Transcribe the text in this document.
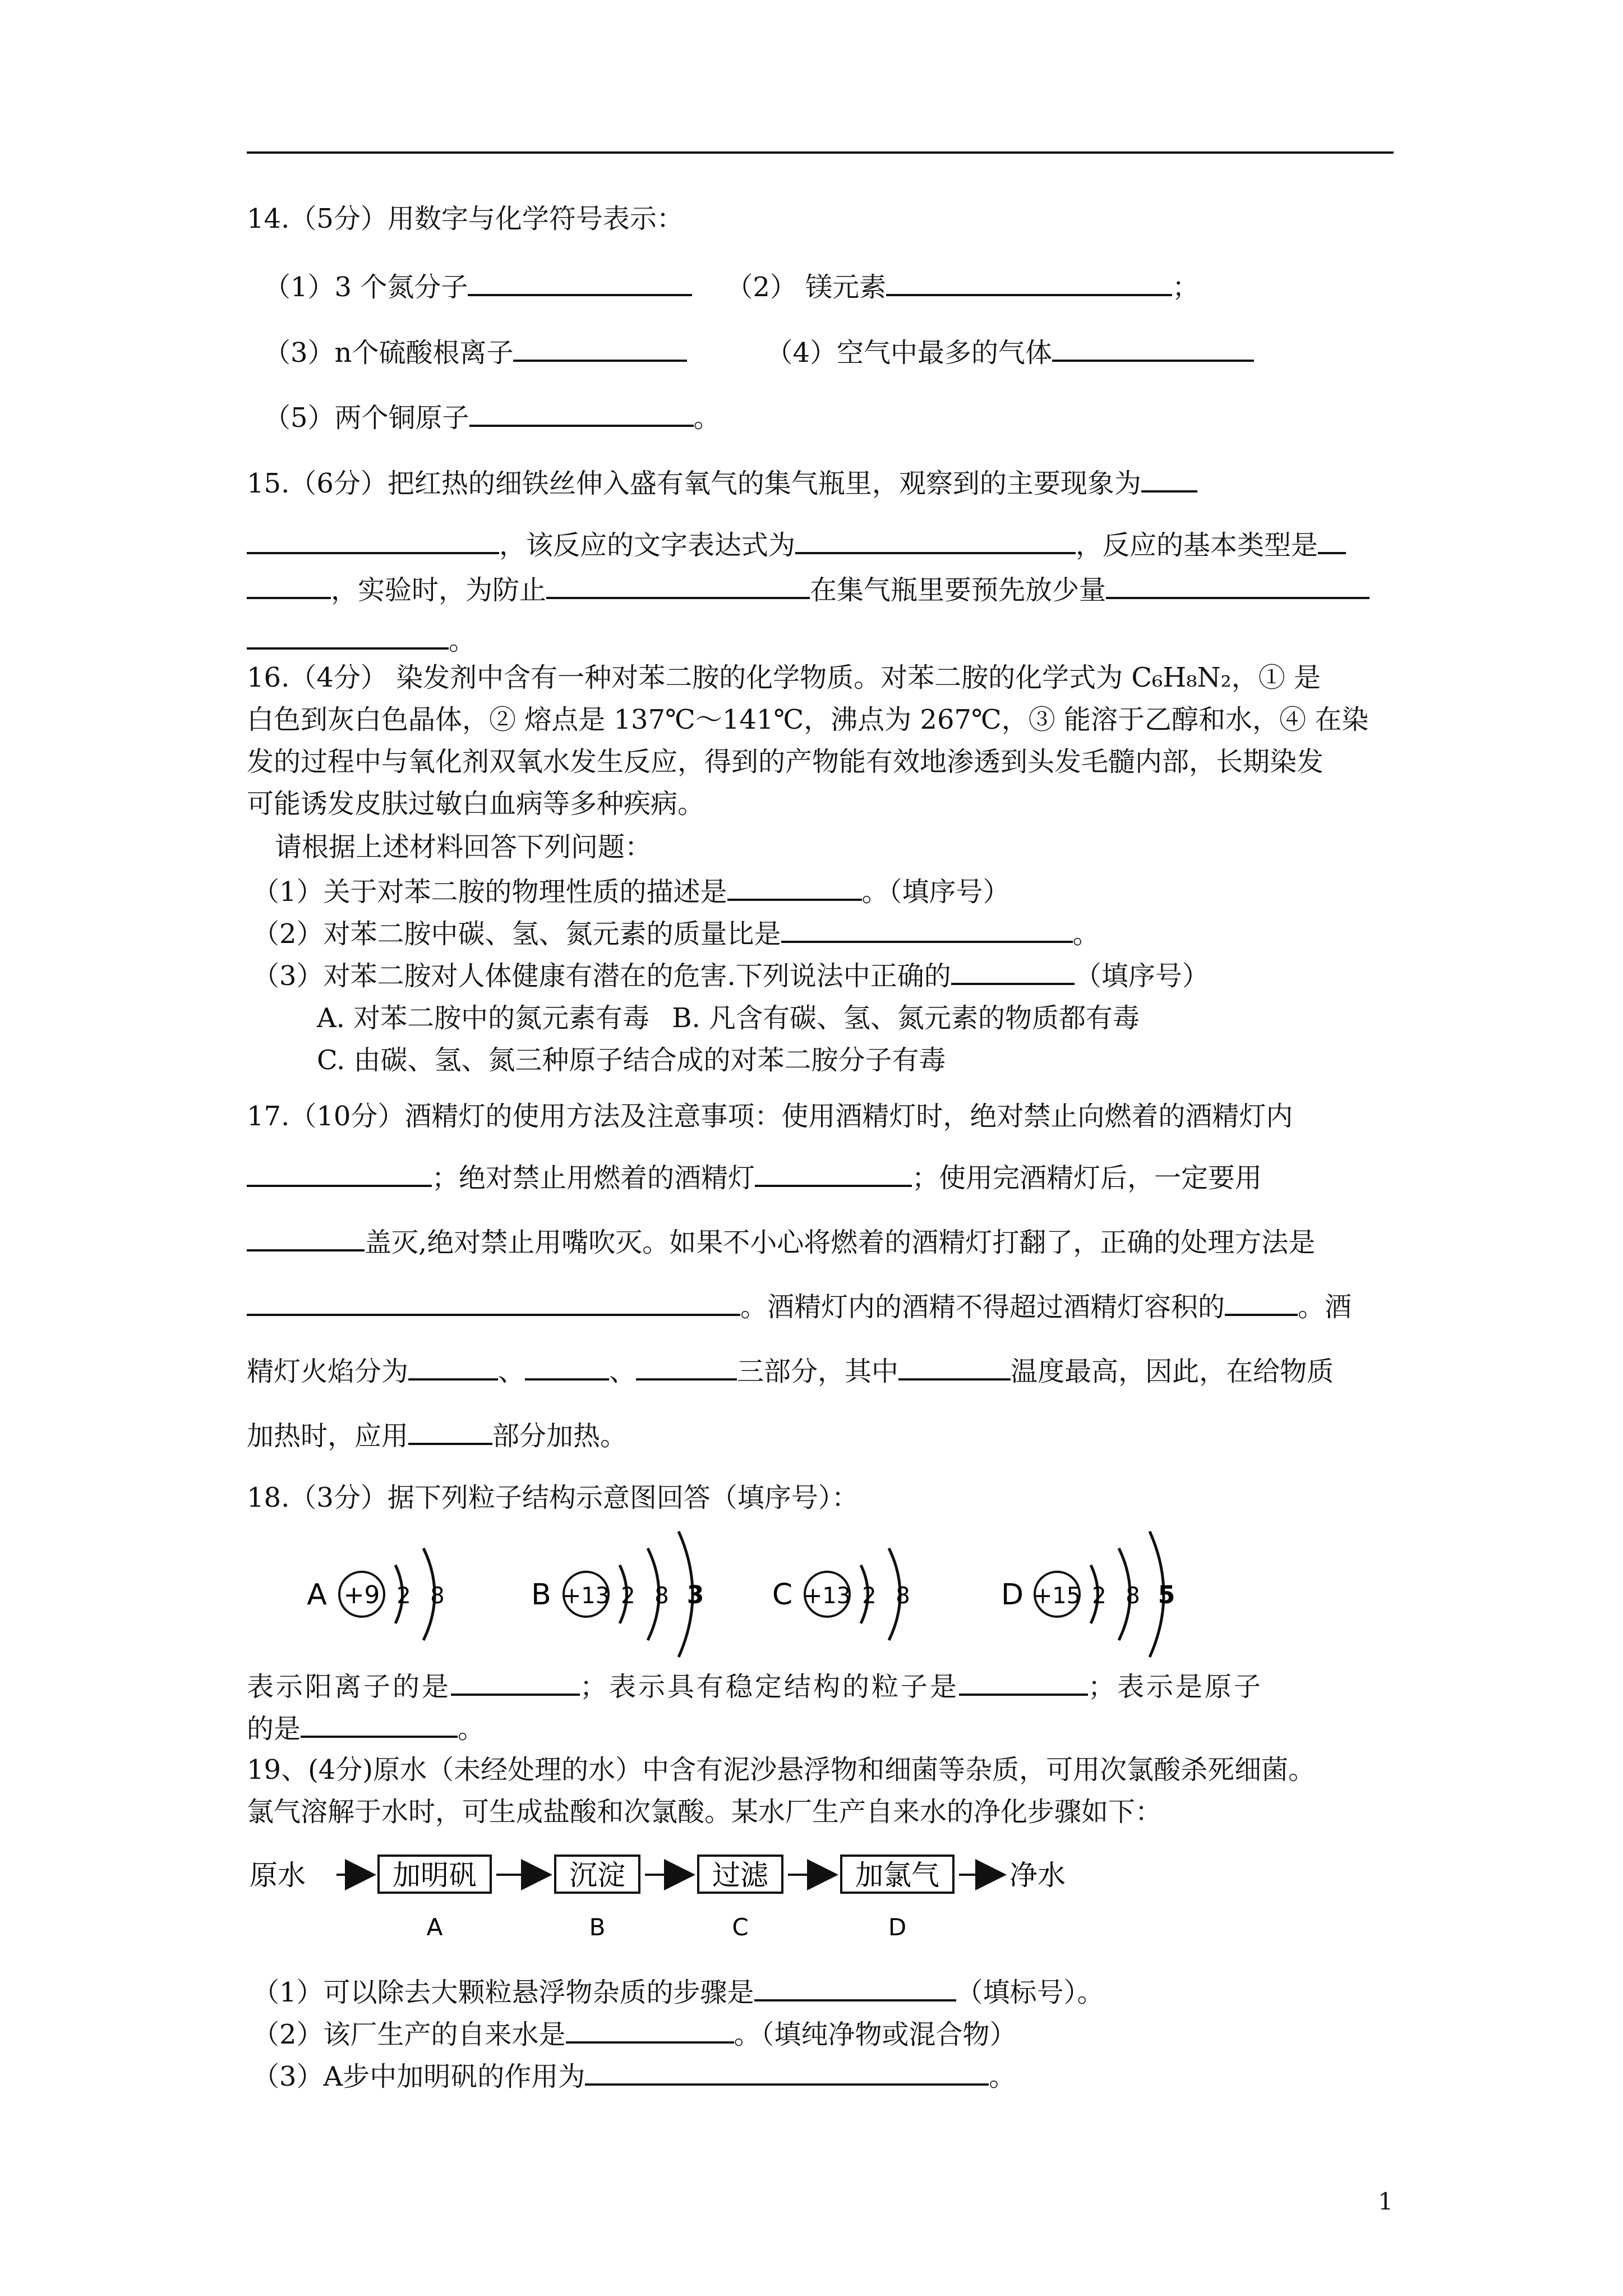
14.（5分）用数字与化学符号表示：
（1）3 个氮分子	（2） 镁元素	；
（3）n个硫酸根离子	（4）空气中最多的气体
（5）两个铜原子	。
15.（6分）把红热的细铁丝伸入盛有氧气的集气瓶里，观察到的主要现象为
，该反应的文字表达式为	，反应的基本类型是
，实验时，为防止	在集气瓶里要预先放少量
。
16.（4分） 染发剂中含有一种对苯二胺的化学物质。对苯二胺的化学式为 C₆H₈N₂，① 是
白色到灰白色晶体，② 熔点是 137℃～141℃，沸点为 267℃，③ 能溶于乙醇和水，④ 在染
发的过程中与氧化剂双氧水发生反应，得到的产物能有效地渗透到头发毛髓内部，长期染发
可能诱发皮肤过敏白血病等多种疾病。
请根据上述材料回答下列问题：
（1）关于对苯二胺的物理性质的描述是	。（填序号）
（2）对苯二胺中碳、氢、氮元素的质量比是	。
（3）对苯二胺对人体健康有潜在的危害.下列说法中正确的	（填序号）
A. 对苯二胺中的氮元素有毒 B. 凡含有碳、氢、氮元素的物质都有毒
C. 由碳、氢、氮三种原子结合成的对苯二胺分子有毒
17.（10分）酒精灯的使用方法及注意事项：使用酒精灯时，绝对禁止向燃着的酒精灯内
；绝对禁止用燃着的酒精灯	；使用完酒精灯后，一定要用
盖灭,绝对禁止用嘴吹灭。如果不小心将燃着的酒精灯打翻了，正确的处理方法是
。酒精灯内的酒精不得超过酒精灯容积的	。酒
精灯火焰分为	、	、	三部分，其中	温度最高，因此，在给物质
加热时，应用	部分加热。
18.（3分）据下列粒子结构示意图回答（填序号）：
A +9 2 8	B +13 2 8 3 C +13 2 8	D +15 2 8 5
表示阳离子的是	；表示具有稳定结构的粒子是	；表示是原子
的是	。
19、(4分)原水（未经处理的水）中含有泥沙悬浮物和细菌等杂质，可用次氯酸杀死细菌。
氯气溶解于水时，可生成盐酸和次氯酸。某水厂生产自来水的净化步骤如下：
原水	加明矾
A
沉淀
B
过滤
C
加氯气
D
净水
（1）可以除去大颗粒悬浮物杂质的步骤是	（填标号）。
（2）该厂生产的自来水是	。（填纯净物或混合物）
（3）A步中加明矾的作用为	。
1
